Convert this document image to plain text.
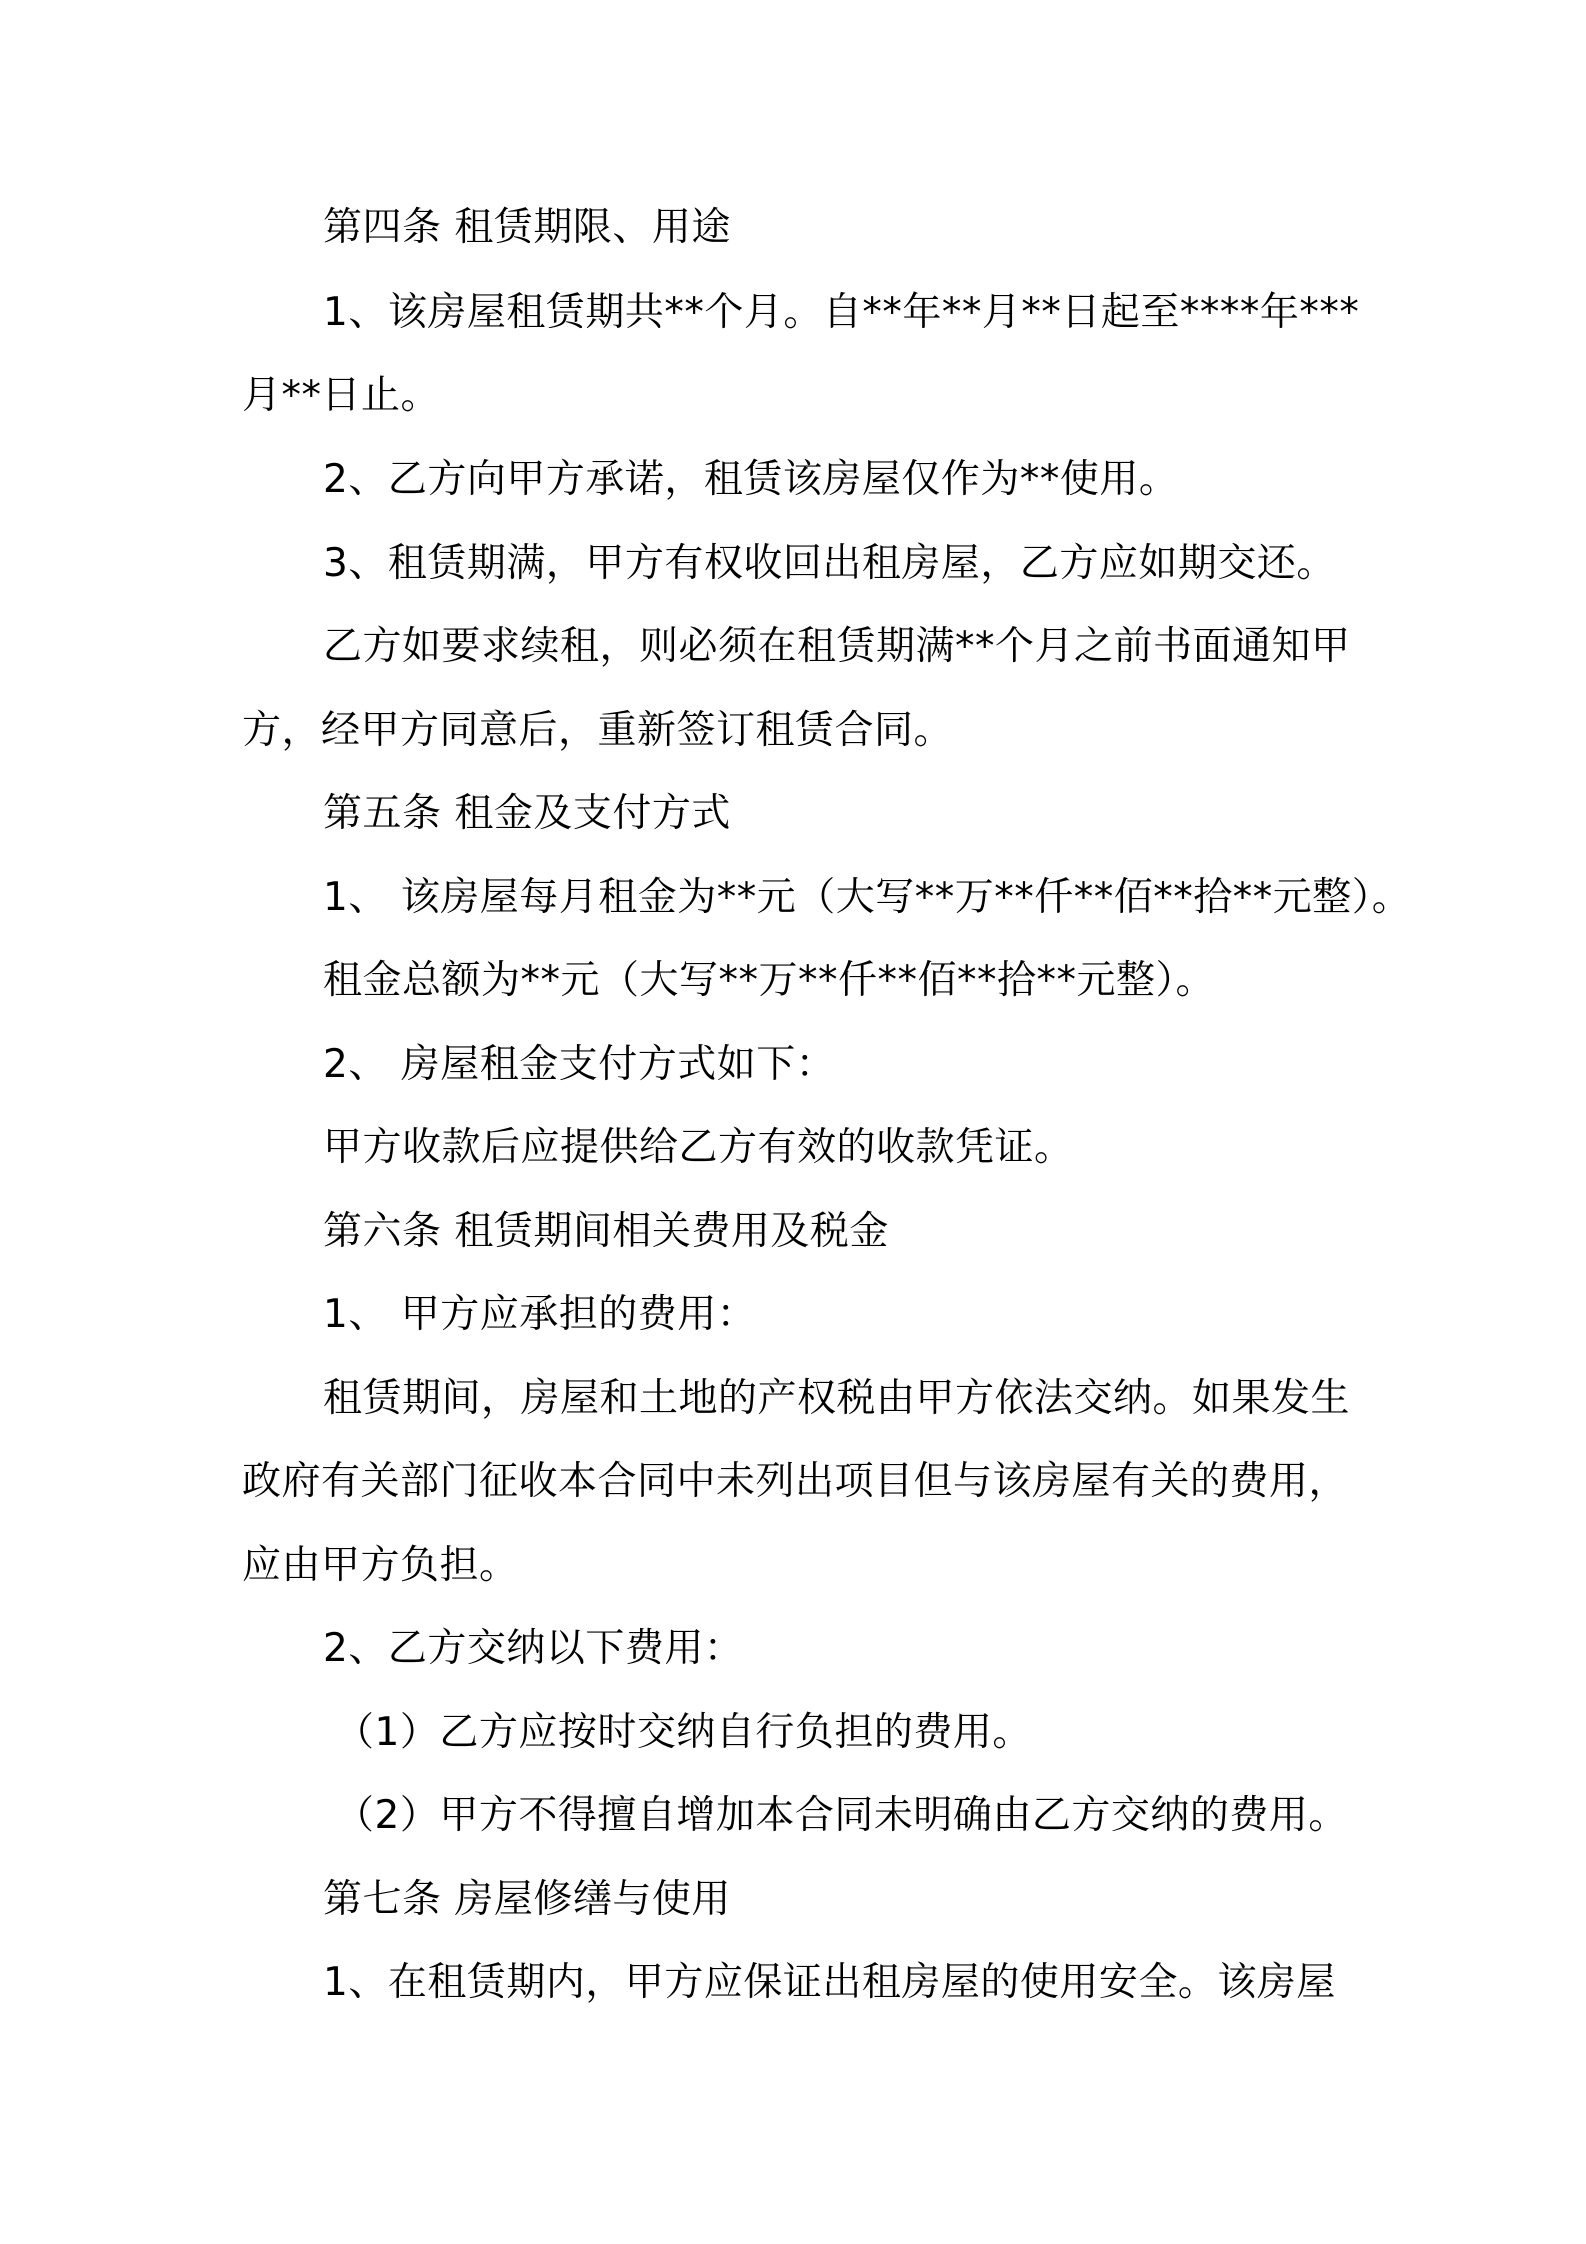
第四条 租赁期限、用途
1、该房屋租赁期共**个月。自**年**月**日起至****年***
月**日止。
2、乙方向甲方承诺，租赁该房屋仅作为**使用。
3、租赁期满，甲方有权收回出租房屋，乙方应如期交还。
乙方如要求续租，则必须在租赁期满**个月之前书面通知甲
方，经甲方同意后，重新签订租赁合同。
第五条 租金及支付方式
1、 该房屋每月租金为**元（大写**万**仟**佰**拾**元整）。
租金总额为**元（大写**万**仟**佰**拾**元整）。
2、 房屋租金支付方式如下：
甲方收款后应提供给乙方有效的收款凭证。
第六条 租赁期间相关费用及税金
1、 甲方应承担的费用：
租赁期间，房屋和土地的产权税由甲方依法交纳。如果发生
政府有关部门征收本合同中未列出项目但与该房屋有关的费用，
应由甲方负担。
2、乙方交纳以下费用：
（1）乙方应按时交纳自行负担的费用。
（2）甲方不得擅自增加本合同未明确由乙方交纳的费用。
第七条 房屋修缮与使用
1、在租赁期内，甲方应保证出租房屋的使用安全。该房屋
